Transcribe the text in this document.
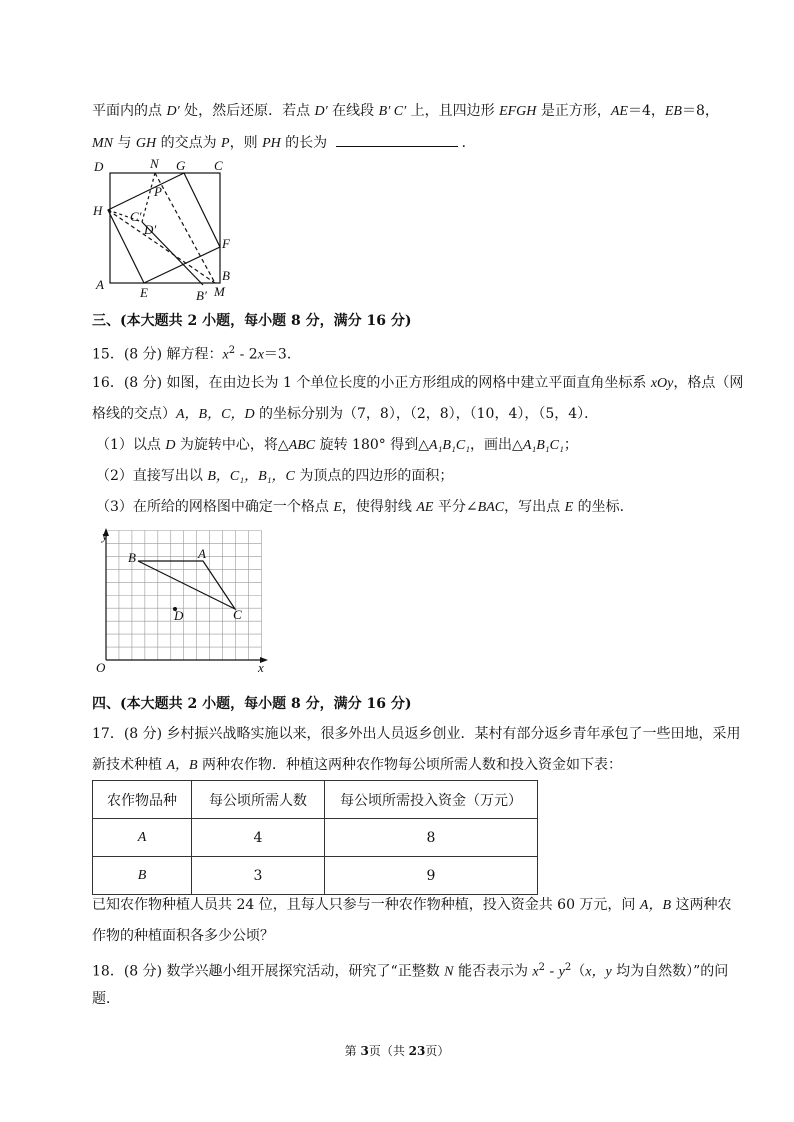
平面内的点 D′ 处，然后还原．若点 D′ 在线段 B′ C′ 上，且四边形 EFGH 是正方形，AE＝4，EB＝8，
MN 与 GH 的交点为 P，则 PH 的长为	．
D	N G C
P
H C′
D′
F
B
A
E	B′ M
三、(本大题共 2 小题，每小题 8 分，满分 16 分)
15．(8 分) 解方程：$x^2 - 2x=3$．
16．(8 分) 如图，在由边长为 1 个单位长度的小正方形组成的网格中建立平面直角坐标系 xOy，格点（网
格线的交点）A，B，C，D 的坐标分别为（7，8），（2，8），（10，4），（5，4）．
（1）以点 D 为旋转中心，将△ABC 旋转 180° 得到△A₁B₁C₁，画出△A₁B₁C₁；
（2）直接写出以 B，C₁，B₁，C 为顶点的四边形的面积；
（3）在所给的网格图中确定一个格点 E，使得射线 AE 平分∠BAC，写出点 E 的坐标．
y
x
O
A
B
C
D
四、(本大题共 2 小题，每小题 8 分，满分 16 分)
17．(8 分) 乡村振兴战略实施以来，很多外出人员返乡创业．某村有部分返乡青年承包了一些田地，采用
新技术种植 A，B 两种农作物．种植这两种农作物每公顷所需人数和投入资金如下表：
农作物品种	每公顷所需人数	每公顷所需投入资金（万元）
A	4	8
B	3	9
已知农作物种植人员共 24 位，且每人只参与一种农作物种植，投入资金共 60 万元，问 A，B 这两种农
作物的种植面积各多少公顷？
18．(8 分) 数学兴趣小组开展探究活动，研究了“正整数 N 能否表示为 $x^2 - y^2(x$，y 均为自然数）”的问
题．
第 3页（共 23页）
